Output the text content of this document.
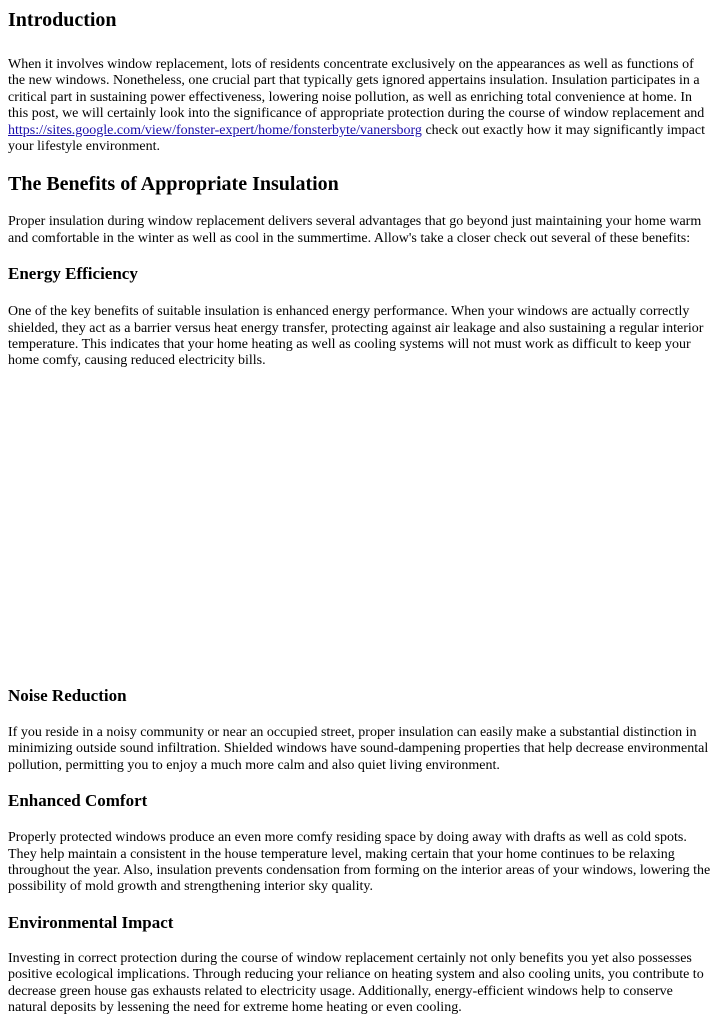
Introduction

When it involves window replacement, lots of residents concentrate exclusively on the appearances as well as functions of the new windows. Nonetheless, one crucial part that typically gets ignored appertains insulation. Insulation participates in a critical part in sustaining power effectiveness, lowering noise pollution, as well as enriching total convenience at home. In this post, we will certainly look into the significance of appropriate protection during the course of window replacement and https://sites.google.com/view/fonster-expert/home/fonsterbyte/vanersborg check out exactly how it may significantly impact your lifestyle environment.

The Benefits of Appropriate Insulation

Proper insulation during window replacement delivers several advantages that go beyond just maintaining your home warm and comfortable in the winter as well as cool in the summertime. Allow's take a closer check out several of these benefits:

Energy Efficiency

One of the key benefits of suitable insulation is enhanced energy performance. When your windows are actually correctly shielded, they act as a barrier versus heat energy transfer, protecting against air leakage and also sustaining a regular interior temperature. This indicates that your home heating as well as cooling systems will not must work as difficult to keep your home comfy, causing reduced electricity bills.

Noise Reduction

If you reside in a noisy community or near an occupied street, proper insulation can easily make a substantial distinction in minimizing outside sound infiltration. Shielded windows have sound-dampening properties that help decrease environmental pollution, permitting you to enjoy a much more calm and also quiet living environment.

Enhanced Comfort

Properly protected windows produce an even more comfy residing space by doing away with drafts as well as cold spots. They help maintain a consistent in the house temperature level, making certain that your home continues to be relaxing throughout the year. Also, insulation prevents condensation from forming on the interior areas of your windows, lowering the possibility of mold growth and strengthening interior sky quality.

Environmental Impact

Investing in correct protection during the course of window replacement certainly not only benefits you yet also possesses positive ecological implications. Through reducing your reliance on heating system and also cooling units, you contribute to decrease green house gas exhausts related to electricity usage. Additionally, energy-efficient windows help to conserve natural deposits by lessening the need for extreme home heating or even cooling.
